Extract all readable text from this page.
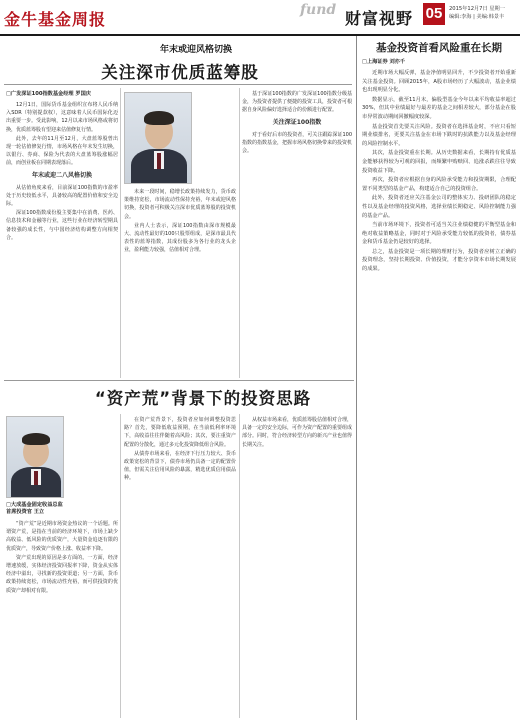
金牛基金周报	fund 财富视野 05	2015年12月7日 星期一
编辑:李海 | 美编:韩景丰
年末或迎风格切换
关注深市优质蓝筹股
□广发深证100指数基金经理 罗国庆

12月1日，国际货币基金组织宣布将人民币纳入SDR（特别提款权），这意味着人民币国际化迈出重要一步。受此影响，12月以来市场风格或将切换，优质蓝筹股有望迎来估值修复行情。

此外，去年的11月至12月，大盘蓝筹股曾出现一轮估值修复行情，市场风格在年末发生切换，以银行、券商、保险为代表的大盘蓝筹股涨幅居前，而创业板在同期表现落后。

年末或迎二八风格切换

从估值角度来看，目前深证100指数的市盈率处于历史较低水平，具备较高的配置价值和安全边际。

深证100指数成份股主要集中在消费、医药、信息技术和金融等行业，这些行业在经济转型期具备较强的成长性，与中国经济结构调整方向相契合。

未来一段时间，稳增长政策持续发力，货币政策维持宽松，市场流动性保持充裕，年末或迎风格切换，投资者可积极关注深市优质蓝筹股的投资机会。

业内人士表示，深证100指数由深市规模最大、流动性最好的100只股票组成，是深市最具代表性的蓝筹指数，其成份股多为各行业的龙头企业，盈利能力较强，估值相对合理。

基于深证100指数的广发深证100指数分级基金，为投资者提供了便捷的投资工具，投资者可根据自身风险偏好选择适合的份额进行配置。

关注深证100指数

对于看好后市的投资者，可关注跟踪深证100指数的指数基金，把握市场风格切换带来的投资机会。

“资产荒”背景下的投资思路
□大成基金固定收益总监
首席投资官 王立

“资产荒”是近期市场资金热议的一个话题。所谓资产荒，是指在当前的经济环境下，市场上缺少高收益、低风险的优质资产，大量资金追逐有限的优质资产，导致资产价格上涨、收益率下降。

资产荒出现的原因是多方面的。一方面，经济增速放缓，实体经济投资回报率下降，资金从实体经济中溢出，寻找新的投资渠道；另一方面，货币政策持续宽松，市场流动性充裕，而可供投资的优质资产却相对有限。

在资产荒背景下，投资者应如何调整投资思路？首先，要降低收益预期，在当前低利率环境下，高收益往往伴随着高风险；其次，要注重资产配置的分散化，通过多元化投资降低组合风险。

从债券市场来看，在经济下行压力较大、货币政策宽松的背景下，债券市场仍具备一定的配置价值，但需关注信用风险的暴露，精选优质信用债品种。

从权益市场来看，优质蓝筹股估值相对合理，具备一定的安全边际，可作为资产配置的重要组成部分。同时，符合经济转型方向的新兴产业也值得长期关注。

基金投资首看风险重在长期
□上海证券 刘亦千

近期市场大幅反弹，基金净值明显回升，不少投资者开始重新关注基金投资。回顾2015年，A股市场经历了大幅波动，基金业绩也出现明显分化。

数据显示，截至11月末，偏股型基金今年以来平均收益率超过30%，但其中业绩最好与最差的基金之间相差较大，部分基金在股市异常波动期间回撤幅度较深。

基金投资首先要关注风险。投资者在选择基金时，不应只看短期业绩排名，更要关注基金在市场下跌时的抗跌能力以及基金经理的风险控制水平。

其次，基金投资重在长期。从历史数据来看，长期持有优质基金能够获得较为可观的回报，而频繁申购赎回、追涨杀跌往往导致投资收益下降。

再次，投资者应根据自身的风险承受能力和投资期限，合理配置不同类型的基金产品，构建适合自己的投资组合。

此外，投资者还应关注基金公司的整体实力、投研团队的稳定性以及基金经理的投资风格，选择业绩长期稳定、风险控制能力强的基金产品。

当前市场环境下，投资者可适当关注业绩稳健的平衡型基金和绝对收益策略基金，同时对于风险承受能力较低的投资者，债券基金和货币基金仍是较好的选择。

总之，基金投资是一项长期的理财行为，投资者应树立正确的投资理念，坚持长期投资、价值投资，才能分享资本市场长期发展的成果。
